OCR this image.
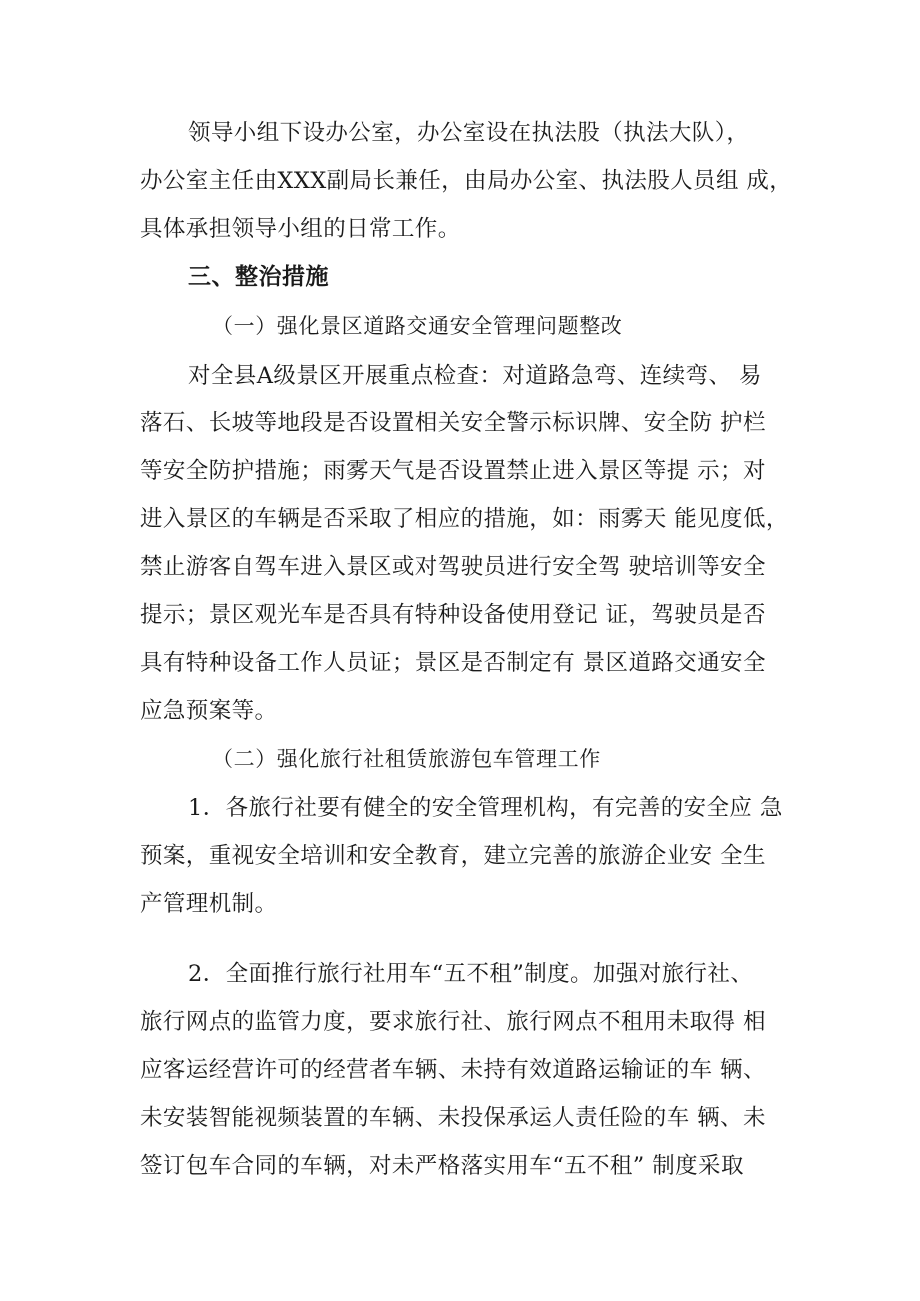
领导小组下设办公室，办公室设在执法股（执法大队），
办公室主任由XXX副局长兼任，由局办公室、执法股人员组 成，
具体承担领导小组的日常工作。
三、整治措施
（一）强化景区道路交通安全管理问题整改
对全县A级景区开展重点检查：对道路急弯、连续弯、 易
落石、长坡等地段是否设置相关安全警示标识牌、安全防 护栏
等安全防护措施；雨雾天气是否设置禁止进入景区等提 示；对
进入景区的车辆是否采取了相应的措施，如：雨雾天 能见度低，
禁止游客自驾车进入景区或对驾驶员进行安全驾 驶培训等安全
提示；景区观光车是否具有特种设备使用登记 证，驾驶员是否
具有特种设备工作人员证；景区是否制定有 景区道路交通安全
应急预案等。
（二）强化旅行社租赁旅游包车管理工作
1．各旅行社要有健全的安全管理机构，有完善的安全应 急
预案，重视安全培训和安全教育，建立完善的旅游企业安 全生
产管理机制。
2．全面推行旅行社用车“五不租”制度。加强对旅行社、
旅行网点的监管力度，要求旅行社、旅行网点不租用未取得 相
应客运经营许可的经营者车辆、未持有效道路运输证的车 辆、
未安装智能视频装置的车辆、未投保承运人责任险的车 辆、未
签订包车合同的车辆，对未严格落实用车“五不租” 制度采取
